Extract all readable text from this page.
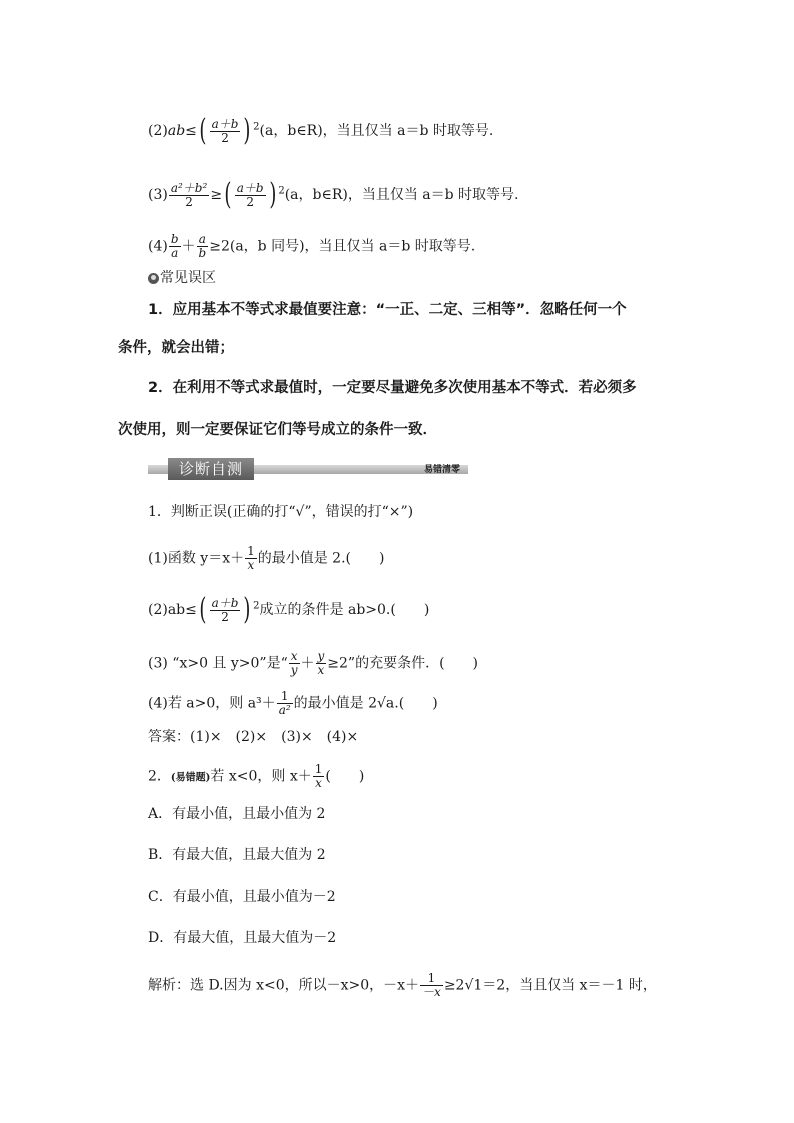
$(2)ab\le( \frac{a+b}{2}$ ) $^2$(a，b∈R)，当且仅当 a＝b 时取等号.
$(3) \frac{\text{a²＋b²}}{2}$ ≥( $\frac{a+b}{2}$ ) $^2$(a，b∈R)，当且仅当 a＝b 时取等号.
$(4) \frac{b}{a} + \frac{a}{b} \ge 2(a$，b 同号)，当且仅当 a＝b 时取等号.
常见误区
1．应用基本不等式求最值要注意：“一正、二定、三相等”．忽略任何一个
条件，就会出错；
2．在利用不等式求最值时，一定要尽量避免多次使用基本不等式．若必须多
次使用，则一定要保证它们等号成立的条件一致．
诊断自测	易错清零
1．判断正误(正确的打“√”，错误的打“×”)
(1)函数 $y=x+ \frac{1}{x}$ 的最小值是 2.(　　)
$(2)ab\le( \frac{a+b}{2}$ ) $^2$成立的条件是 ab>0.(　　)
(3) “x>0 且 y>0”是“ $\frac{x}{y} + \frac{y}{x} \ge 2$”的充要条件．(　　)
(4)若 a>0，则 $a^3+ \frac{1}{\text{a²}}$ 的最小值是 2√a.(　　)
答案：(1)×　(2)×　(3)×　(4)×
2．(易错题)若 x<0，则 $x+ \frac{1}{x}$ (　　)
A．有最小值，且最小值为 2
B．有最大值，且最大值为 2
C．有最小值，且最小值为－2
D．有最大值，且最大值为－2
解析：选 D.因为 x<0，所以－x>0，$-x+ \frac{1}{-x} \ge 2√1=2$，当且仅当 x＝－1 时，
